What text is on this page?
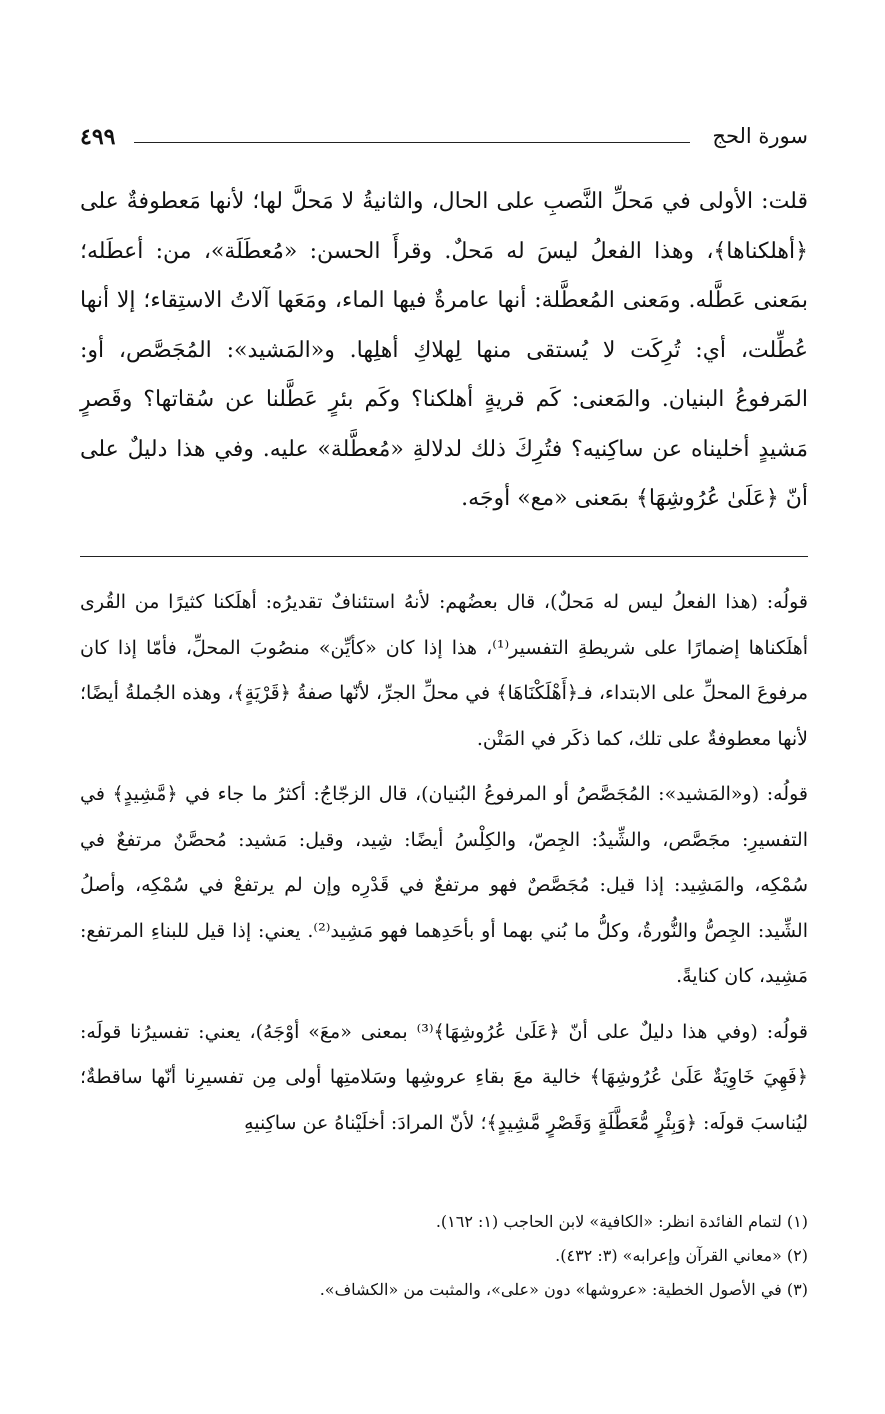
٤٩٩	سورة الحج
قلت: الأولى في مَحلِّ النَّصبِ على الحال، والثانيةُ لا مَحلَّ لها؛ لأنها مَعطوفةٌ على ﴿أهلكناها﴾، وهذا الفعلُ ليسَ له مَحلٌ. وقرأَ الحسن: «مُعطَلَة»، من: أعطَله؛ بمَعنى عَطَّله. ومَعنى المُعطَّلة: أنها عامرةٌ فيها الماء، ومَعَها آلاتُ الاستِقاء؛ إلا أنها عُطِّلت، أي: تُرِكَت لا يُستقى منها لِهلاكِ أهلِها. و«المَشيد»: المُجَصَّص، أو: المَرفوعُ البنيان. والمَعنى: كَم قريةٍ أهلكنا؟ وكَم بئرٍ عَطَّلنا عن سُقاتها؟ وقَصرٍ مَشيدٍ أخليناه عن ساكِنيه؟ فتُرِكَ ذلك لدلالةِ «مُعطَّلة» عليه. وفي هذا دليلٌ على أنّ ﴿عَلَىٰ عُرُوشِهَا﴾ بمَعنى «مع» أوجَه.

قولُه: (هذا الفعلُ ليس له مَحلٌ)، قال بعضُهم: لأنهُ استئنافٌ تقديرُه: أهلَكنا كثيرًا من القُرى أهلَكناها إضمارًا على شريطةِ التفسير⁽¹⁾، هذا إذا كان «كأيِّن» منصُوبَ المحلِّ، فأمّا إذا كان مرفوعَ المحلِّ على الابتداء، فـ﴿أَهْلَكْنَاهَا﴾ في محلِّ الجرِّ، لأنّها صفةُ ﴿قَرْيَةٍ﴾، وهذه الجُملةُ أيضًا؛ لأنها معطوفةٌ على تلك، كما ذكَر في المَتْن.

قولُه: (و«المَشيد»: المُجَصَّصُ أو المرفوعُ البُنيان)، قال الزجّاجُ: أكثرُ ما جاء في ﴿مَّشِيدٍ﴾ في التفسيرِ: مجَصَّص، والشِّيدُ: الجِصّ، والكِلْسُ أيضًا: شِيد، وقيل: مَشيد: مُحصَّنٌ مرتفعٌ في سُمْكِه، والمَشِيد: إذا قيل: مُجَصَّصٌ فهو مرتفعٌ في قَدْرِه وإن لم يرتفعْ في سُمْكِه، وأصلُ الشِّيد: الجِصُّ والنُّورةُ، وكلُّ ما بُني بهما أو بأحَدِهما فهو مَشِيد⁽²⁾. يعني: إذا قيل للبناءِ المرتفع: مَشِيد، كان كنايةً.

قولُه: (وفي هذا دليلٌ على أنّ ﴿عَلَىٰ عُرُوشِهَا﴾⁽³⁾ بمعنى «معَ» أوْجَهُ)، يعني: تفسيرُنا قولَه: ﴿فَهِيَ خَاوِيَةٌ عَلَىٰ عُرُوشِهَا﴾ خالية معَ بقاءِ عروشِها وسَلامتِها أولى مِن تفسيرِنا أنّها ساقطةٌ؛ ليُناسبَ قولَه: ﴿وَبِئْرٍ مُّعَطَّلَةٍ وَقَصْرٍ مَّشِيدٍ﴾؛ لأنّ المرادَ: أخلَيْناهُ عن ساكِنيهِ

(١) لتمام الفائدة انظر: «الكافية» لابن الحاجب (١: ١٦٢).

(٢) «معاني القرآن وإعرابه» (٣: ٤٣٢).

(٣) في الأصول الخطية: «عروشها» دون «على»، والمثبت من «الكشاف».
